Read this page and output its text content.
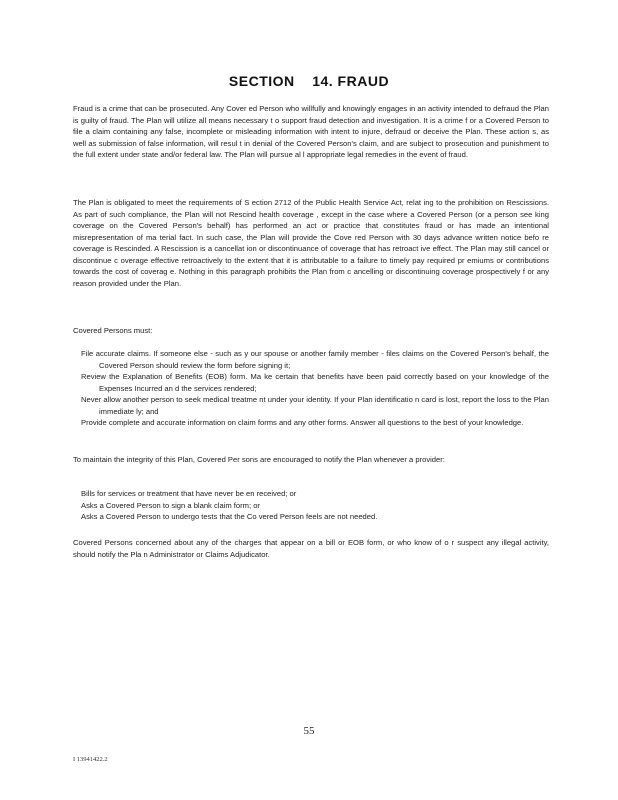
SECTION    14. FRAUD

Fraud is a crime that can be prosecuted. Any Cover ed Person who willfully and knowingly engages in an activity intended to defraud the Plan is guilty of fraud. The Plan will utilize all means necessary t o support fraud detection and investigation. It is a crime f or a Covered Person to file a claim containing any false, incomplete or misleading information with intent to injure, defraud or deceive the Plan. These action s, as well as submission of false information, will resul t in denial of the Covered Person's claim, and are subject to prosecution and punishment to the full extent under state and/or federal law. The Plan will pursue al l appropriate legal remedies in the event of fraud.

The Plan is obligated to meet the requirements of S ection 2712 of the Public Health Service Act, relat ing to the prohibition on Rescissions. As part of such compliance, the Plan will not Rescind health coverage , except in the case where a Covered Person (or a person see king coverage on the Covered Person's behalf) has performed an act or practice that constitutes fraud or has made an intentional misrepresentation of ma terial fact. In such case, the Plan will provide the Cove red Person with 30 days advance written notice befo re coverage is Rescinded. A Rescission is a cancellat ion or discontinuance of coverage that has retroact ive effect. The Plan may still cancel or discontinue c overage effective retroactively to the extent that it is attributable to a failure to timely pay required pr emiums or contributions towards the cost of coverag e. Nothing in this paragraph prohibits the Plan from c ancelling or discontinuing coverage prospectively f or any reason provided under the Plan.

Covered Persons must:

File accurate claims. If someone else - such as y our spouse or another family member - files claims on the Covered Person's behalf, the Covered Person should review the form before signing it;
Review the Explanation of Benefits (EOB) form. Ma ke certain that benefits have been paid correctly based on your knowledge of the Expenses Incurred an d the services rendered;
Never allow another person to seek medical treatme nt under your identity. If your Plan identificatio n card is lost, report the loss to the Plan immediate ly; and
Provide complete and accurate information on claim forms and any other forms. Answer all questions to the best of your knowledge.

To maintain the integrity of this Plan, Covered Per sons are encouraged to notify the Plan whenever a provider:

Bills for services or treatment that have never be en received; or
Asks a Covered Person to sign a blank claim form; or
Asks a Covered Person to undergo tests that the Co vered Person feels are not needed.

Covered Persons concerned about any of the charges that appear on a bill or EOB form, or who know of o r suspect any illegal activity, should notify the Pla n Administrator or Claims Adjudicator.

55
I 13941422.2
